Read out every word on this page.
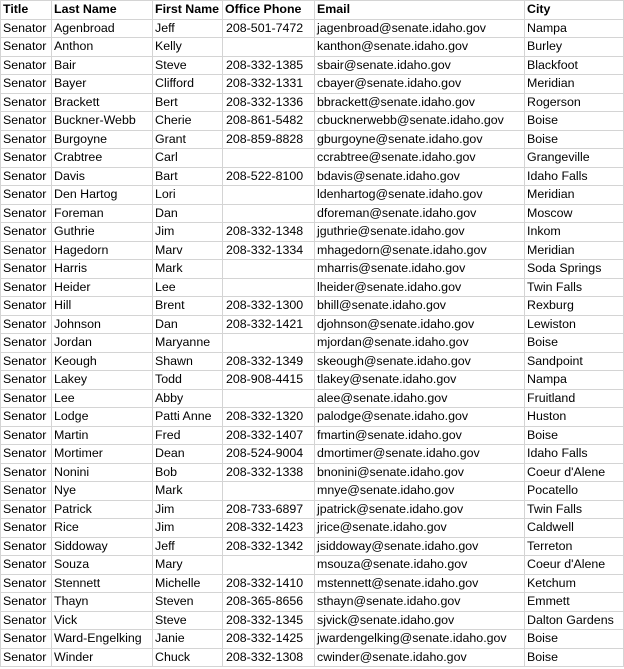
Title	Last Name	First Name	Office Phone	Email	City
Senator	Agenbroad	Jeff	208-501-7472	jagenbroad@senate.idaho.gov	Nampa
Senator	Anthon	Kelly		kanthon@senate.idaho.gov	Burley
Senator	Bair	Steve	208-332-1385	sbair@senate.idaho.gov	Blackfoot
Senator	Bayer	Clifford	208-332-1331	cbayer@senate.idaho.gov	Meridian
Senator	Brackett	Bert	208-332-1336	bbrackett@senate.idaho.gov	Rogerson
Senator	Buckner-Webb	Cherie	208-861-5482	cbucknerwebb@senate.idaho.gov	Boise
Senator	Burgoyne	Grant	208-859-8828	gburgoyne@senate.idaho.gov	Boise
Senator	Crabtree	Carl		ccrabtree@senate.idaho.gov	Grangeville
Senator	Davis	Bart	208-522-8100	bdavis@senate.idaho.gov	Idaho Falls
Senator	Den Hartog	Lori		ldenhartog@senate.idaho.gov	Meridian
Senator	Foreman	Dan		dforeman@senate.idaho.gov	Moscow
Senator	Guthrie	Jim	208-332-1348	jguthrie@senate.idaho.gov	Inkom
Senator	Hagedorn	Marv	208-332-1334	mhagedorn@senate.idaho.gov	Meridian
Senator	Harris	Mark		mharris@senate.idaho.gov	Soda Springs
Senator	Heider	Lee		lheider@senate.idaho.gov	Twin Falls
Senator	Hill	Brent	208-332-1300	bhill@senate.idaho.gov	Rexburg
Senator	Johnson	Dan	208-332-1421	djohnson@senate.idaho.gov	Lewiston
Senator	Jordan	Maryanne		mjordan@senate.idaho.gov	Boise
Senator	Keough	Shawn	208-332-1349	skeough@senate.idaho.gov	Sandpoint
Senator	Lakey	Todd	208-908-4415	tlakey@senate.idaho.gov	Nampa
Senator	Lee	Abby		alee@senate.idaho.gov	Fruitland
Senator	Lodge	Patti Anne	208-332-1320	palodge@senate.idaho.gov	Huston
Senator	Martin	Fred	208-332-1407	fmartin@senate.idaho.gov	Boise
Senator	Mortimer	Dean	208-524-9004	dmortimer@senate.idaho.gov	Idaho Falls
Senator	Nonini	Bob	208-332-1338	bnonini@senate.idaho.gov	Coeur d'Alene
Senator	Nye	Mark		mnye@senate.idaho.gov	Pocatello
Senator	Patrick	Jim	208-733-6897	jpatrick@senate.idaho.gov	Twin Falls
Senator	Rice	Jim	208-332-1423	jrice@senate.idaho.gov	Caldwell
Senator	Siddoway	Jeff	208-332-1342	jsiddoway@senate.idaho.gov	Terreton
Senator	Souza	Mary		msouza@senate.idaho.gov	Coeur d'Alene
Senator	Stennett	Michelle	208-332-1410	mstennett@senate.idaho.gov	Ketchum
Senator	Thayn	Steven	208-365-8656	sthayn@senate.idaho.gov	Emmett
Senator	Vick	Steve	208-332-1345	sjvick@senate.idaho.gov	Dalton Gardens
Senator	Ward-Engelking	Janie	208-332-1425	jwardengelking@senate.idaho.gov	Boise
Senator	Winder	Chuck	208-332-1308	cwinder@senate.idaho.gov	Boise
